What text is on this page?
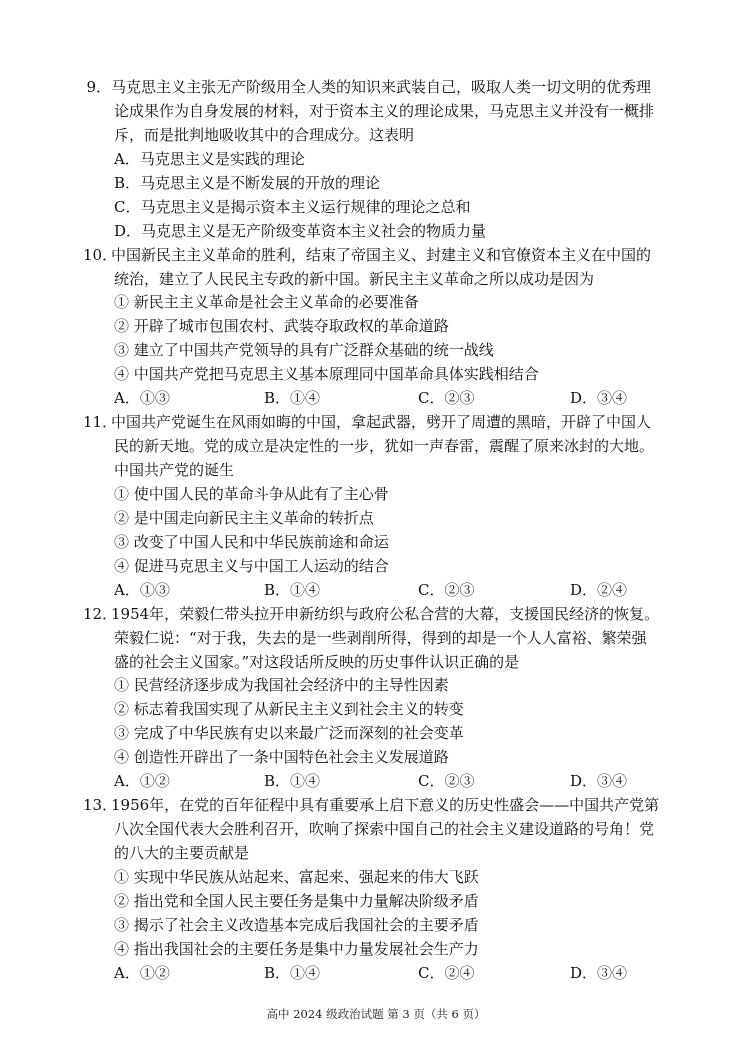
9．马克思主义主张无产阶级用全人类的知识来武装自己，吸取人类一切文明的优秀理
论成果作为自身发展的材料，对于资本主义的理论成果，马克思主义并没有一概排
斥，而是批判地吸收其中的合理成分。这表明
A．马克思主义是实践的理论
B．马克思主义是不断发展的开放的理论
C．马克思主义是揭示资本主义运行规律的理论之总和
D．马克思主义是无产阶级变革资本主义社会的物质力量
10．中国新民主主义革命的胜利，结束了帝国主义、封建主义和官僚资本主义在中国的
统治，建立了人民民主专政的新中国。新民主主义革命之所以成功是因为
① 新民主主义革命是社会主义革命的必要准备
② 开辟了城市包围农村、武装夺取政权的革命道路
③ 建立了中国共产党领导的具有广泛群众基础的统一战线
④ 中国共产党把马克思主义基本原理同中国革命具体实践相结合
A．①③	B．①④	C．②③	D．③④
11．中国共产党诞生在风雨如晦的中国，拿起武器，劈开了周遭的黑暗，开辟了中国人
民的新天地。党的成立是决定性的一步，犹如一声春雷，震醒了原来冰封的大地。
中国共产党的诞生
① 使中国人民的革命斗争从此有了主心骨
② 是中国走向新民主主义革命的转折点
③ 改变了中国人民和中华民族前途和命运
④ 促进马克思主义与中国工人运动的结合
A．①③	B．①④	C．②③	D．②④
12．1954年，荣毅仁带头拉开申新纺织与政府公私合营的大幕，支援国民经济的恢复。
荣毅仁说：“对于我，失去的是一些剥削所得，得到的却是一个人人富裕、繁荣强
盛的社会主义国家。”对这段话所反映的历史事件认识正确的是
① 民营经济逐步成为我国社会经济中的主导性因素
② 标志着我国实现了从新民主主义到社会主义的转变
③ 完成了中华民族有史以来最广泛而深刻的社会变革
④ 创造性开辟出了一条中国特色社会主义发展道路
A．①②	B．①④	C．②③	D．③④
13．1956年，在党的百年征程中具有重要承上启下意义的历史性盛会——中国共产党第
八次全国代表大会胜利召开，吹响了探索中国自己的社会主义建设道路的号角！党
的八大的主要贡献是
① 实现中华民族从站起来、富起来、强起来的伟大飞跃
② 指出党和全国人民主要任务是集中力量解决阶级矛盾
③ 揭示了社会主义改造基本完成后我国社会的主要矛盾
④ 指出我国社会的主要任务是集中力量发展社会生产力
A．①②	B．①④	C．②④	D．③④
高中 2024 级政治试题 第 3 页（共 6 页）
